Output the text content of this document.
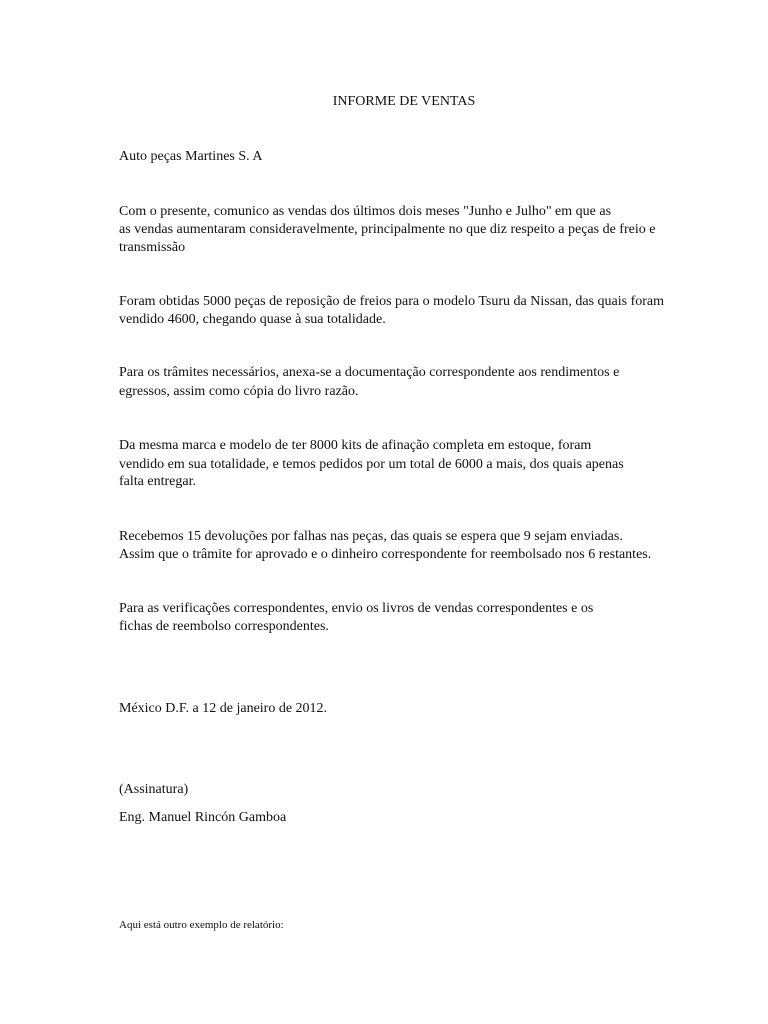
INFORME DE VENTAS

Auto peças Martines S. A

Com o presente, comunico as vendas dos últimos dois meses "Junho e Julho" em que as

as vendas aumentaram consideravelmente, principalmente no que diz respeito a peças de freio e

transmissão

Foram obtidas 5000 peças de reposição de freios para o modelo Tsuru da Nissan, das quais foram

vendido 4600, chegando quase à sua totalidade.

Para os trâmites necessários, anexa-se a documentação correspondente aos rendimentos e

egressos, assim como cópia do livro razão.

Da mesma marca e modelo de ter 8000 kits de afinação completa em estoque, foram

vendido em sua totalidade, e temos pedidos por um total de 6000 a mais, dos quais apenas

falta entregar.

Recebemos 15 devoluções por falhas nas peças, das quais se espera que 9 sejam enviadas.

Assim que o trâmite for aprovado e o dinheiro correspondente for reembolsado nos 6 restantes.

Para as verificações correspondentes, envio os livros de vendas correspondentes e os

fichas de reembolso correspondentes.

México D.F. a 12 de janeiro de 2012.

(Assinatura)

Eng. Manuel Rincón Gamboa

Aqui está outro exemplo de relatório:
